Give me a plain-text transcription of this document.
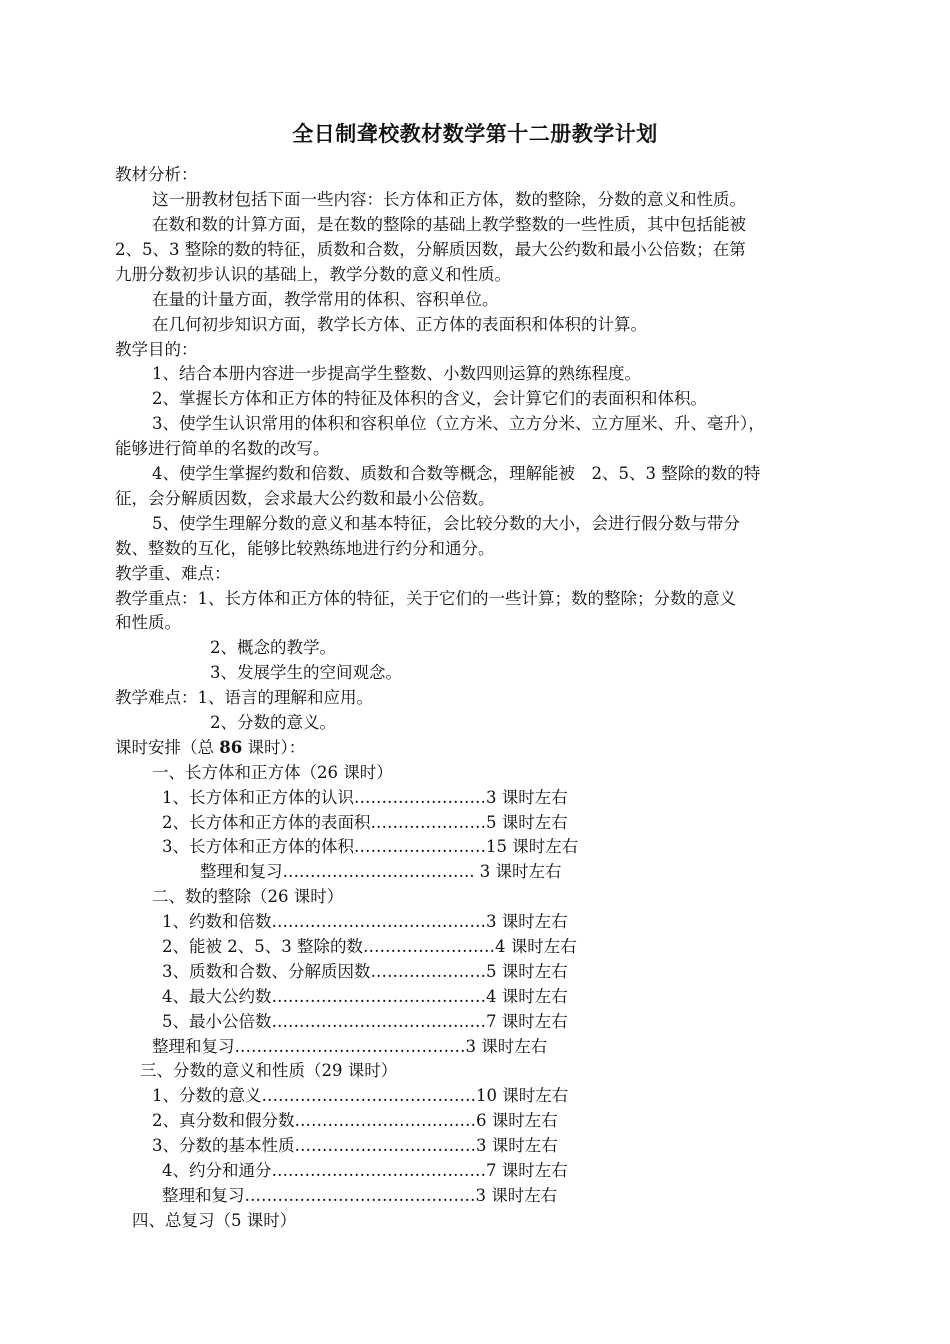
全日制聋校教材数学第十二册教学计划
教材分析：
这一册教材包括下面一些内容：长方体和正方体，数的整除，分数的意义和性质。
在数和数的计算方面，是在数的整除的基础上教学整数的一些性质，其中包括能被
2、5、3 整除的数的特征，质数和合数，分解质因数，最大公约数和最小公倍数；在第
九册分数初步认识的基础上，教学分数的意义和性质。
在量的计量方面，教学常用的体积、容积单位。
在几何初步知识方面，教学长方体、正方体的表面积和体积的计算。
教学目的：
1、结合本册内容进一步提高学生整数、小数四则运算的熟练程度。
2、掌握长方体和正方体的特征及体积的含义，会计算它们的表面积和体积。
3、使学生认识常用的体积和容积单位（立方米、立方分米、立方厘米、升、毫升），
能够进行简单的名数的改写。
4、使学生掌握约数和倍数、质数和合数等概念，理解能被　2、5、3 整除的数的特
征，会分解质因数，会求最大公约数和最小公倍数。
5、使学生理解分数的意义和基本特征，会比较分数的大小，会进行假分数与带分
数、整数的互化，能够比较熟练地进行约分和通分。
教学重、难点：
教学重点：1、长方体和正方体的特征，关于它们的一些计算；数的整除；分数的意义
和性质。
2、概念的教学。
3、发展学生的空间观念。
教学难点：1、语言的理解和应用。
2、分数的意义。
课时安排（总 86 课时）：
一、长方体和正方体（26 课时）
1、长方体和正方体的认识……………………3 课时左右
2、长方体和正方体的表面积…………………5 课时左右
3、长方体和正方体的体积……………………15 课时左右
整理和复习…………………………….. 3 课时左右
二、数的整除（26 课时）
1、约数和倍数…………………………………3 课时左右
2、能被 2、5、3 整除的数……………………4 课时左右
3、质数和合数、分解质因数…………………5 课时左右
4、最大公约数…………………………………4 课时左右
5、最小公倍数…………………………………7 课时左右
整理和复习……………………………………3 课时左右
三、分数的意义和性质（29 课时）
1、分数的意义…………………………………10 课时左右
2、真分数和假分数……………………………6 课时左右
3、分数的基本性质……………………………3 课时左右
4、约分和通分…………………………………7 课时左右
整理和复习……………………………………3 课时左右
四、总复习（5 课时）
